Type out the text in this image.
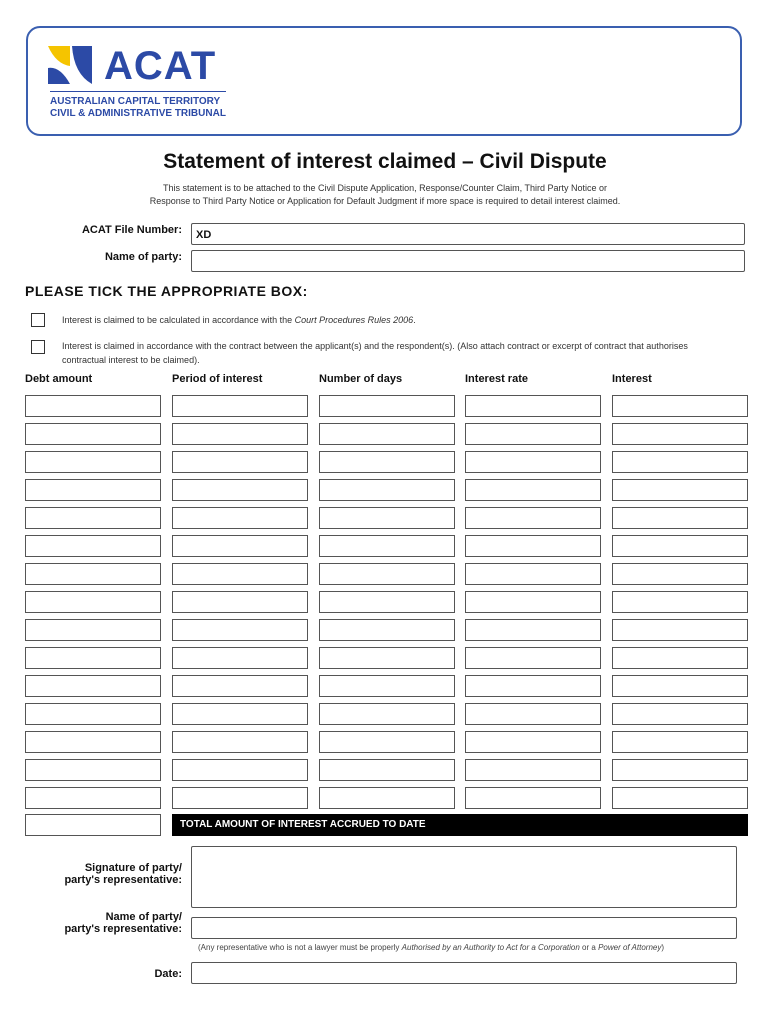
ACAT
AUSTRALIAN CAPITAL TERRITORY
CIVIL & ADMINISTRATIVE TRIBUNAL
Statement of interest claimed – Civil Dispute
This statement is to be attached to the Civil Dispute Application, Response/Counter Claim, Third Party Notice or
Response to Third Party Notice or Application for Default Judgment if more space is required to detail interest claimed.
ACAT File Number: XD
Name of party:
PLEASE TICK THE APPROPRIATE BOX:
Interest is claimed to be calculated in accordance with the Court Procedures Rules 2006.
Interest is claimed in accordance with the contract between the applicant(s) and the respondent(s). (Also attach contract or excerpt of contract that authorises
contractual interest to be claimed).
Debt amount	Period of interest	Number of days	Interest rate	Interest
TOTAL AMOUNT OF INTEREST ACCRUED TO DATE
Signature of party/
party's representative:
Name of party/
party's representative:
(Any representative who is not a lawyer must be properly Authorised by an Authority to Act for a Corporation or a Power of Attorney)
Date:
